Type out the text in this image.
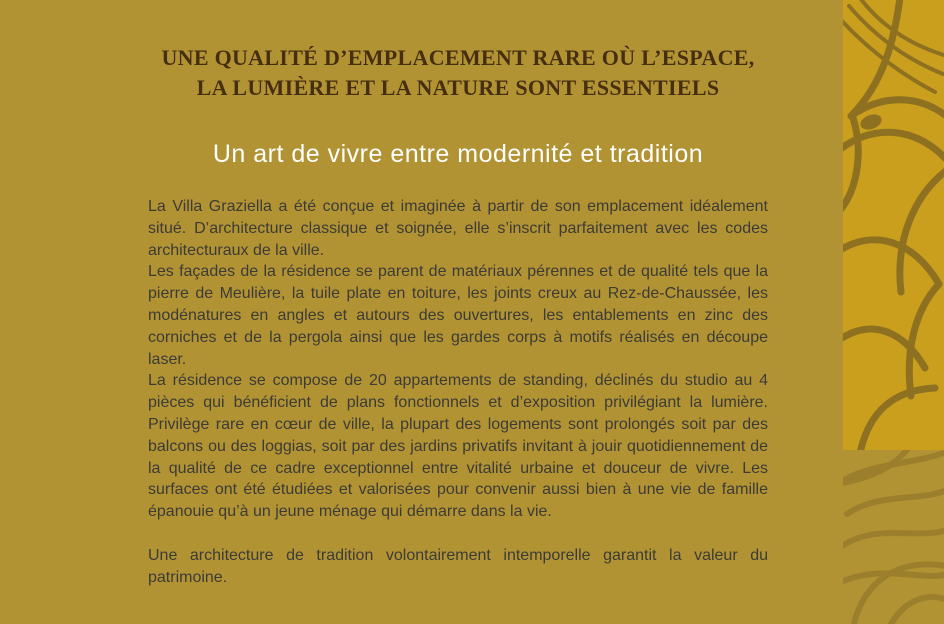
UNE QUALITÉ D’EMPLACEMENT RARE OÙ L’ESPACE,
LA LUMIÈRE ET LA NATURE SONT ESSENTIELS
Un art de vivre entre modernité et tradition

La Villa Graziella a été conçue et imaginée à partir de son emplacement idéalement situé. D’architecture classique et soignée, elle s’inscrit parfaitement avec les codes architecturaux de la ville.

Les façades de la résidence se parent de matériaux pérennes et de qualité tels que la pierre de Meulière, la tuile plate en toiture, les joints creux au Rez-de-Chaussée, les modénatures en angles et autours des ouvertures, les entablements en zinc des corniches et de la pergola ainsi que les gardes corps à motifs réalisés en découpe laser.

La résidence se compose de 20 appartements de standing, déclinés du studio au 4 pièces qui bénéficient de plans fonctionnels et d’exposition privilégiant la lumière. Privilège rare en cœur de ville, la plupart des logements sont prolongés soit par des balcons ou des loggias, soit par des jardins privatifs invitant à jouir quotidiennement de la qualité de ce cadre exceptionnel entre vitalité urbaine et douceur de vivre. Les surfaces ont été étudiées et valorisées pour convenir aussi bien à une vie de famille épanouie qu’à un jeune ménage qui démarre dans la vie.

Une architecture de tradition volontairement intemporelle garantit la valeur du patrimoine.
